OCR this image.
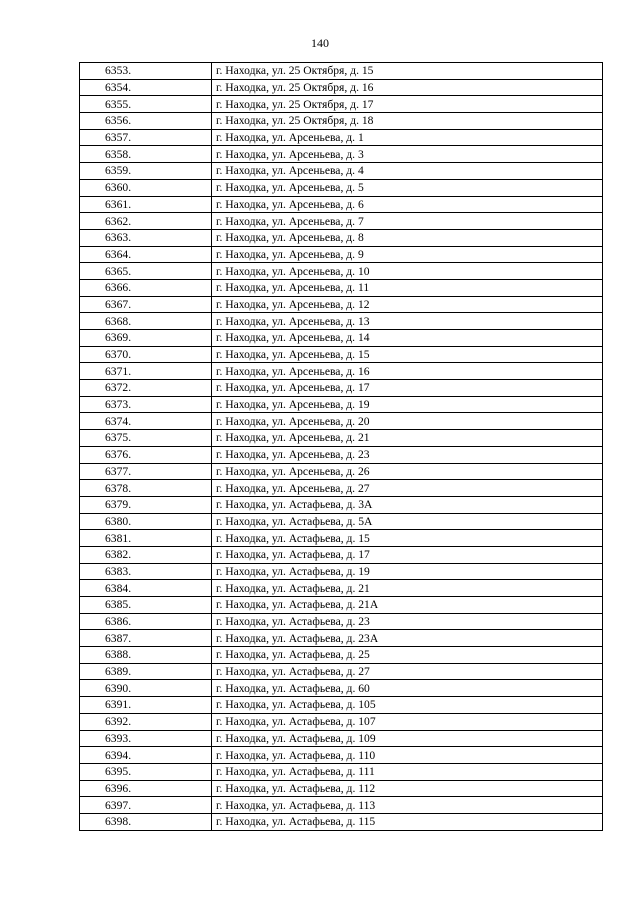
140
6353.	г. Находка, ул. 25 Октября, д. 15
6354.	г. Находка, ул. 25 Октября, д. 16
6355.	г. Находка, ул. 25 Октября, д. 17
6356.	г. Находка, ул. 25 Октября, д. 18
6357.	г. Находка, ул. Арсеньева, д. 1
6358.	г. Находка, ул. Арсеньева, д. 3
6359.	г. Находка, ул. Арсеньева, д. 4
6360.	г. Находка, ул. Арсеньева, д. 5
6361.	г. Находка, ул. Арсеньева, д. 6
6362.	г. Находка, ул. Арсеньева, д. 7
6363.	г. Находка, ул. Арсеньева, д. 8
6364.	г. Находка, ул. Арсеньева, д. 9
6365.	г. Находка, ул. Арсеньева, д. 10
6366.	г. Находка, ул. Арсеньева, д. 11
6367.	г. Находка, ул. Арсеньева, д. 12
6368.	г. Находка, ул. Арсеньева, д. 13
6369.	г. Находка, ул. Арсеньева, д. 14
6370.	г. Находка, ул. Арсеньева, д. 15
6371.	г. Находка, ул. Арсеньева, д. 16
6372.	г. Находка, ул. Арсеньева, д. 17
6373.	г. Находка, ул. Арсеньева, д. 19
6374.	г. Находка, ул. Арсеньева, д. 20
6375.	г. Находка, ул. Арсеньева, д. 21
6376.	г. Находка, ул. Арсеньева, д. 23
6377.	г. Находка, ул. Арсеньева, д. 26
6378.	г. Находка, ул. Арсеньева, д. 27
6379.	г. Находка, ул. Астафьева, д. 3А
6380.	г. Находка, ул. Астафьева, д. 5А
6381.	г. Находка, ул. Астафьева, д. 15
6382.	г. Находка, ул. Астафьева, д. 17
6383.	г. Находка, ул. Астафьева, д. 19
6384.	г. Находка, ул. Астафьева, д. 21
6385.	г. Находка, ул. Астафьева, д. 21А
6386.	г. Находка, ул. Астафьева, д. 23
6387.	г. Находка, ул. Астафьева, д. 23А
6388.	г. Находка, ул. Астафьева, д. 25
6389.	г. Находка, ул. Астафьева, д. 27
6390.	г. Находка, ул. Астафьева, д. 60
6391.	г. Находка, ул. Астафьева, д. 105
6392.	г. Находка, ул. Астафьева, д. 107
6393.	г. Находка, ул. Астафьева, д. 109
6394.	г. Находка, ул. Астафьева, д. 110
6395.	г. Находка, ул. Астафьева, д. 111
6396.	г. Находка, ул. Астафьева, д. 112
6397.	г. Находка, ул. Астафьева, д. 113
6398.	г. Находка, ул. Астафьева, д. 115
